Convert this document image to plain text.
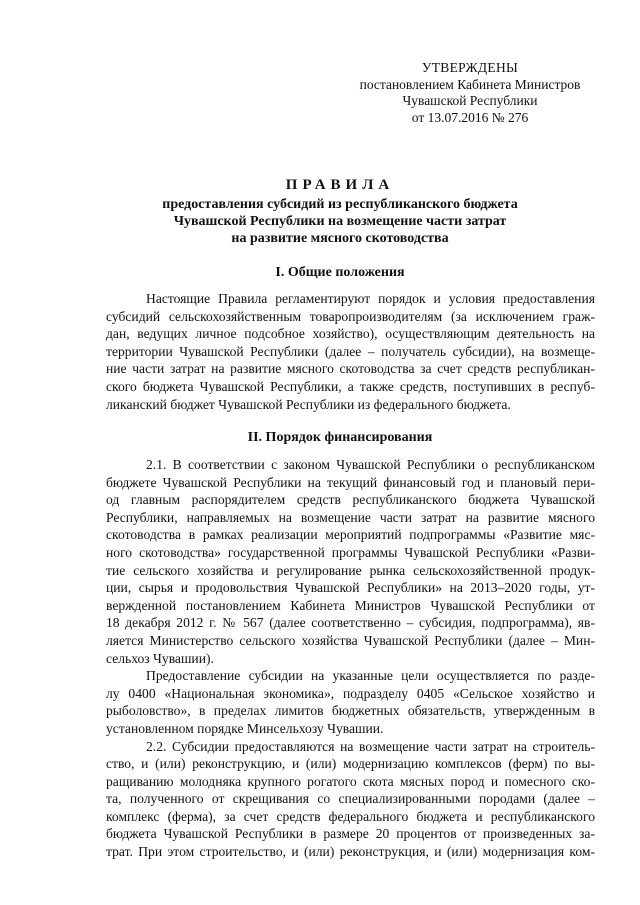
УТВЕРЖДЕНЫ
постановлением Кабинета Министров
Чувашской Республики
от 13.07.2016 № 276
ПРАВИЛА
предоставления субсидий из республиканского бюджета
Чувашской Республики на возмещение части затрат
на развитие мясного скотоводства
I. Общие положения
Настоящие Правила регламентируют порядок и условия предоставления
субсидий сельскохозяйственным товаропроизводителям (за исключением граж-
дан, ведущих личное подсобное хозяйство), осуществляющим деятельность на
территории Чувашской Республики (далее – получатель субсидии), на возмеще-
ние части затрат на развитие мясного скотоводства за счет средств республикан-
ского бюджета Чувашской Республики, а также средств, поступивших в респуб-
ликанский бюджет Чувашской Республики из федерального бюджета.
II. Порядок финансирования
2.1. В соответствии с законом Чувашской Республики о республиканском
бюджете Чувашской Республики на текущий финансовый год и плановый пери-
од главным распорядителем средств республиканского бюджета Чувашской
Республики, направляемых на возмещение части затрат на развитие мясного
скотоводства в рамках реализации мероприятий подпрограммы «Развитие мяс-
ного скотоводства» государственной программы Чувашской Республики «Разви-
тие сельского хозяйства и регулирование рынка сельскохозяйственной продук-
ции, сырья и продовольствия Чувашской Республики» на 2013–2020 годы, ут-
вержденной постановлением Кабинета Министров Чувашской Республики от
18 декабря 2012 г. № 567 (далее соответственно – субсидия, подпрограмма), яв-
ляется Министерство сельского хозяйства Чувашской Республики (далее – Мин-
сельхоз Чувашии).
Предоставление субсидии на указанные цели осуществляется по разде-
лу 0400 «Национальная экономика», подразделу 0405 «Сельское хозяйство и
рыболовство», в пределах лимитов бюджетных обязательств, утвержденным в
установленном порядке Минсельхозу Чувашии.
2.2. Субсидии предоставляются на возмещение части затрат на строитель-
ство, и (или) реконструкцию, и (или) модернизацию комплексов (ферм) по вы-
ращиванию молодняка крупного рогатого скота мясных пород и помесного ско-
та, полученного от скрещивания со специализированными породами (далее –
комплекс (ферма), за счет средств федерального бюджета и республиканского
бюджета Чувашской Республики в размере 20 процентов от произведенных за-
трат. При этом строительство, и (или) реконструкция, и (или) модернизация ком-
